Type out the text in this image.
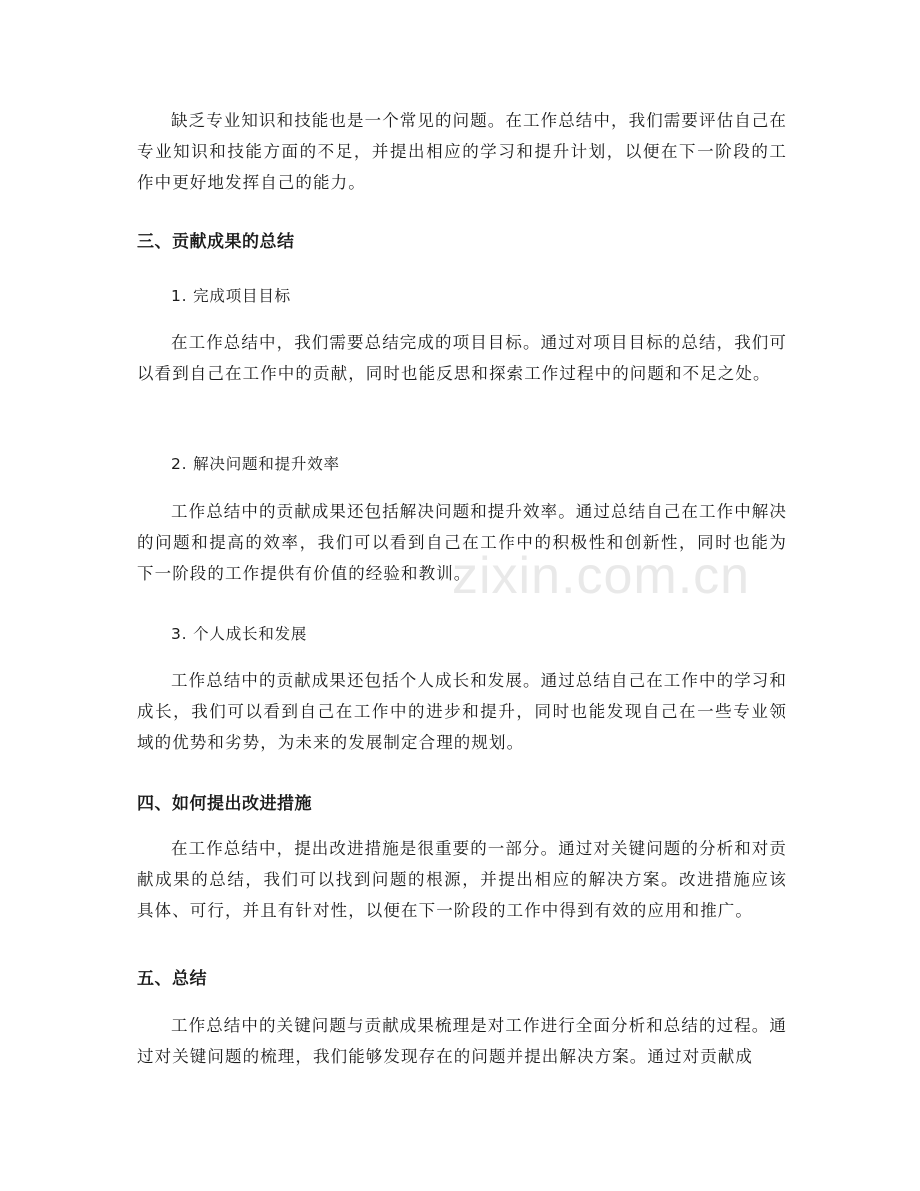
zixin.com.cn

缺乏专业知识和技能也是一个常见的问题。在工作总结中，我们需要评估自己在专业知识和技能方面的不足，并提出相应的学习和提升计划，以便在下一阶段的工作中更好地发挥自己的能力。

三、贡献成果的总结
1. 完成项目目标

在工作总结中，我们需要总结完成的项目目标。通过对项目目标的总结，我们可以看到自己在工作中的贡献，同时也能反思和探索工作过程中的问题和不足之处。

2. 解决问题和提升效率

工作总结中的贡献成果还包括解决问题和提升效率。通过总结自己在工作中解决的问题和提高的效率，我们可以看到自己在工作中的积极性和创新性，同时也能为下一阶段的工作提供有价值的经验和教训。

3. 个人成长和发展

工作总结中的贡献成果还包括个人成长和发展。通过总结自己在工作中的学习和成长，我们可以看到自己在工作中的进步和提升，同时也能发现自己在一些专业领域的优势和劣势，为未来的发展制定合理的规划。

四、如何提出改进措施

在工作总结中，提出改进措施是很重要的一部分。通过对关键问题的分析和对贡献成果的总结，我们可以找到问题的根源，并提出相应的解决方案。改进措施应该具体、可行，并且有针对性，以便在下一阶段的工作中得到有效的应用和推广。

五、总结

工作总结中的关键问题与贡献成果梳理是对工作进行全面分析和总结的过程。通过对关键问题的梳理，我们能够发现存在的问题并提出解决方案。通过对贡献成
